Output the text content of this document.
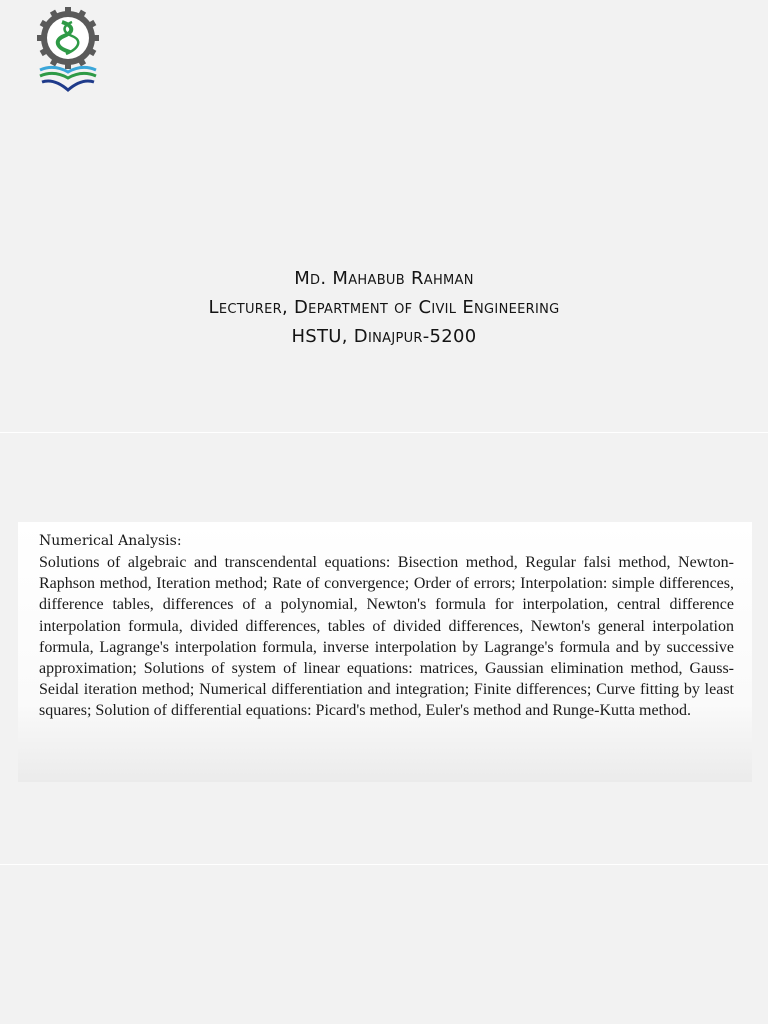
Md. Mahabub Rahman
Lecturer, Department of Civil Engineering
HSTU, Dinajpur-5200
Numerical Analysis:

Solutions of algebraic and transcendental equations: Bisection method, Regular falsi method, Newton-Raphson method, Iteration method; Rate of convergence; Order of errors; Interpolation: simple differences, difference tables, differences of a polynomial, Newton's formula for interpolation, central difference interpolation formula, divided differences, tables of divided differences, Newton's general interpolation formula, Lagrange's interpolation formula, inverse interpolation by Lagrange's formula and by successive approximation; Solutions of system of linear equations: matrices, Gaussian elimination method, Gauss-Seidal iteration method; Numerical differentiation and integration; Finite differences; Curve fitting by least squares; Solution of differential equations: Picard's method, Euler's method and Runge-Kutta method.
